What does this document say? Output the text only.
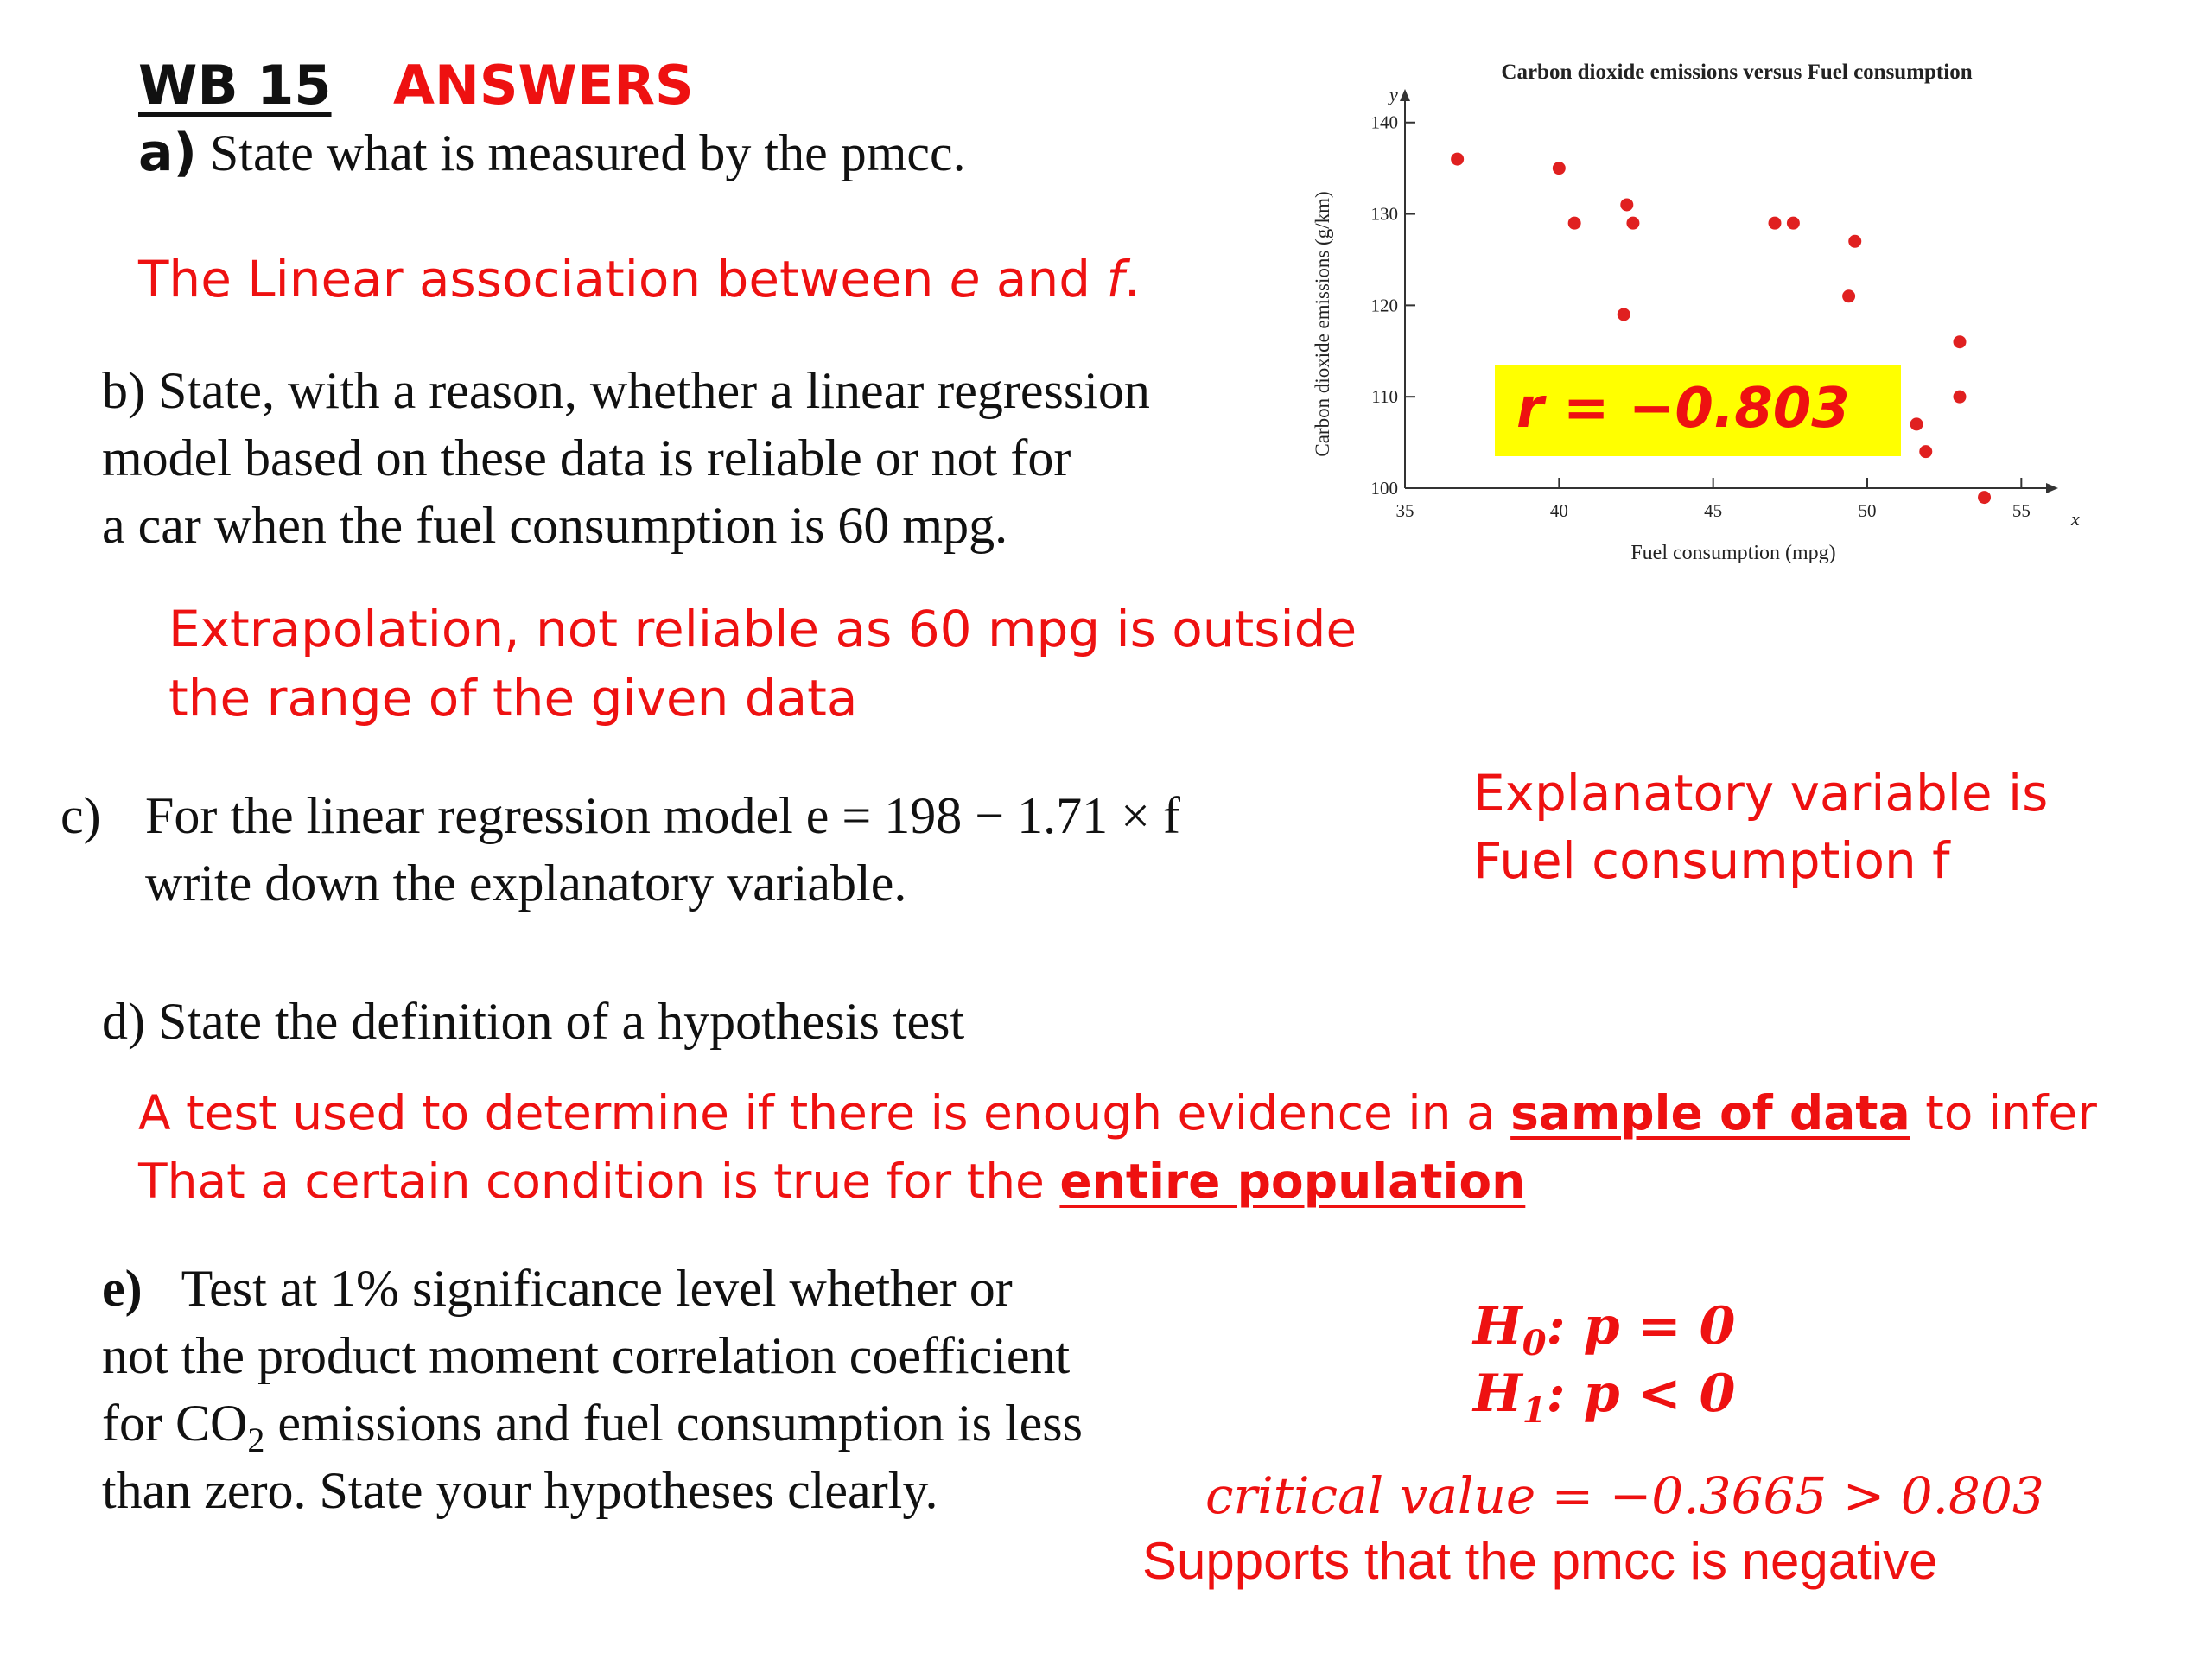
WB 15 ANSWERS
a) State what is measured by the pmcc.
The Linear association between e and f.
b) State, with a reason, whether a linear regression
model based on these data is reliable or not for
a car when the fuel consumption is 60 mpg.
Extrapolation, not reliable as 60 mpg is outside
the range of the given data
c) For the linear regression model e = 198 − 1.71 × f
write down the explanatory variable.
Explanatory variable is
Fuel consumption f
d) State the definition of a hypothesis test
A test used to determine if there is enough evidence in a sample of data to infer
That a certain condition is true for the entire population
e) Test at 1% significance level whether or
not the product moment correlation coefficient
for $CO_2$ emissions and fuel consumption is less
than zero. State your hypotheses clearly.
$H_0$: p = 0
$H_1$: p < 0
critical value = −0.3665 > 0.803
Supports that the pmcc is negative
Carbon dioxide emissions versus Fuel consumption
Carbon dioxide emissions (g/km)
Fuel consumption (mpg)
y
x
100
110
120
130
140
35	40	45	50	55
r = −0.803
